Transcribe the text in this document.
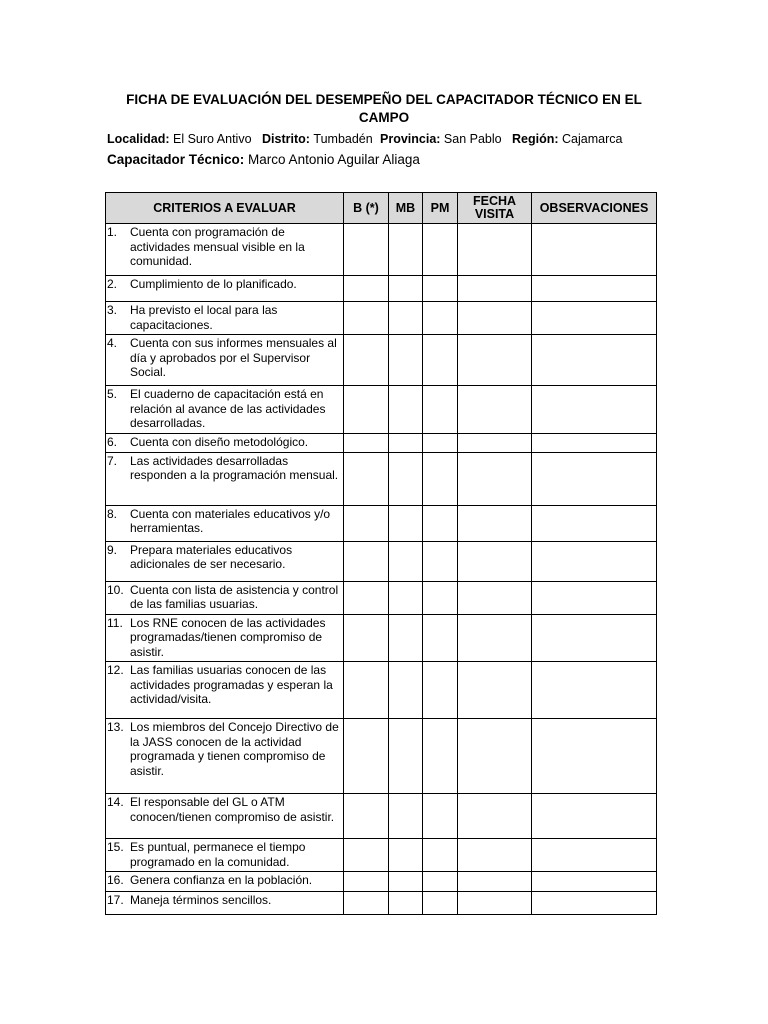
FICHA DE EVALUACIÓN DEL DESEMPEÑO DEL CAPACITADOR TÉCNICO EN EL CAMPO
Localidad: El Suro Antivo Distrito: Tumbadén Provincia: San Pablo Región: Cajamarca
Capacitador Técnico: Marco Antonio Aguilar Aliaga
CRITERIOS A EVALUAR	B (*)	MB	PM	FECHA VISITA	OBSERVACIONES

1. Cuenta con programación de actividades mensual visible en la comunidad.					

2. Cumplimiento de lo planificado.					

3. Ha previsto el local para las capacitaciones.					

4. Cuenta con sus informes mensuales al día y aprobados por el Supervisor Social.					

5. El cuaderno de capacitación está en relación al avance de las actividades desarrolladas.					

6. Cuenta con diseño metodológico.					

7. Las actividades desarrolladas responden a la programación mensual.					

8. Cuenta con materiales educativos y/o herramientas.					

9. Prepara materiales educativos adicionales de ser necesario.					

10. Cuenta con lista de asistencia y control de las familias usuarias.					

11. Los RNE conocen de las actividades programadas/tienen compromiso de asistir.					

12. Las familias usuarias conocen de las actividades programadas y esperan la actividad/visita.					

13. Los miembros del Concejo Directivo de la JASS conocen de la actividad programada y tienen compromiso de asistir.					

14. El responsable del GL o ATM conocen/tienen compromiso de asistir.					

15. Es puntual, permanece el tiempo programado en la comunidad.					

16. Genera confianza en la población.					

17. Maneja términos sencillos.					
